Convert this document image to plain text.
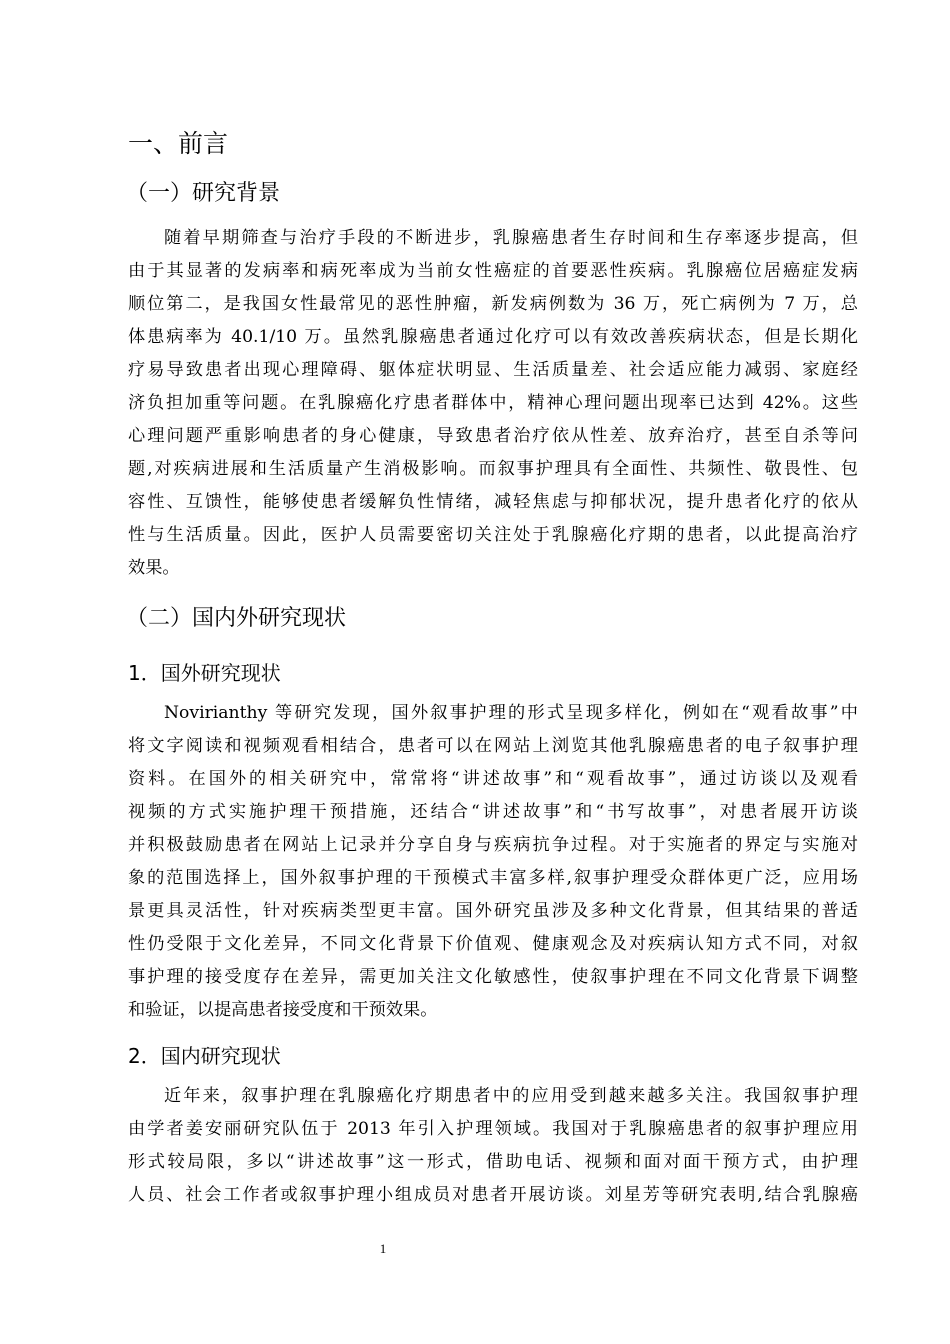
一、前言
（一）研究背景
随着早期筛查与治疗手段的不断进步，乳腺癌患者生存时间和生存率逐步提高，但
由于其显著的发病率和病死率成为当前女性癌症的首要恶性疾病。乳腺癌位居癌症发病
顺位第二，是我国女性最常见的恶性肿瘤，新发病例数为 36 万，死亡病例为 7 万，总
体患病率为 40.1/10 万。虽然乳腺癌患者通过化疗可以有效改善疾病状态，但是长期化
疗易导致患者出现心理障碍、躯体症状明显、生活质量差、社会适应能力减弱、家庭经
济负担加重等问题。在乳腺癌化疗患者群体中，精神心理问题出现率已达到 42%。这些
心理问题严重影响患者的身心健康，导致患者治疗依从性差、放弃治疗，甚至自杀等问
题,对疾病进展和生活质量产生消极影响。而叙事护理具有全面性、共频性、敬畏性、包
容性、互馈性，能够使患者缓解负性情绪，减轻焦虑与抑郁状况，提升患者化疗的依从
性与生活质量。因此，医护人员需要密切关注处于乳腺癌化疗期的患者，以此提高治疗
效果。
（二）国内外研究现状
1．国外研究现状
Novirianthy 等研究发现，国外叙事护理的形式呈现多样化，例如在“观看故事”中
将文字阅读和视频观看相结合，患者可以在网站上浏览其他乳腺癌患者的电子叙事护理
资料。在国外的相关研究中，常常将“讲述故事”和“观看故事”，通过访谈以及观看
视频的方式实施护理干预措施，还结合“讲述故事”和“书写故事”，对患者展开访谈
并积极鼓励患者在网站上记录并分享自身与疾病抗争过程。对于实施者的界定与实施对
象的范围选择上，国外叙事护理的干预模式丰富多样,叙事护理受众群体更广泛，应用场
景更具灵活性，针对疾病类型更丰富。国外研究虽涉及多种文化背景，但其结果的普适
性仍受限于文化差异，不同文化背景下价值观、健康观念及对疾病认知方式不同，对叙
事护理的接受度存在差异，需更加关注文化敏感性，使叙事护理在不同文化背景下调整
和验证，以提高患者接受度和干预效果。
2．国内研究现状
近年来，叙事护理在乳腺癌化疗期患者中的应用受到越来越多关注。我国叙事护理
由学者姜安丽研究队伍于 2013 年引入护理领域。我国对于乳腺癌患者的叙事护理应用
形式较局限，多以“讲述故事”这一形式，借助电话、视频和面对面干预方式，由护理
人员、社会工作者或叙事护理小组成员对患者开展访谈。刘星芳等研究表明,结合乳腺癌
1
